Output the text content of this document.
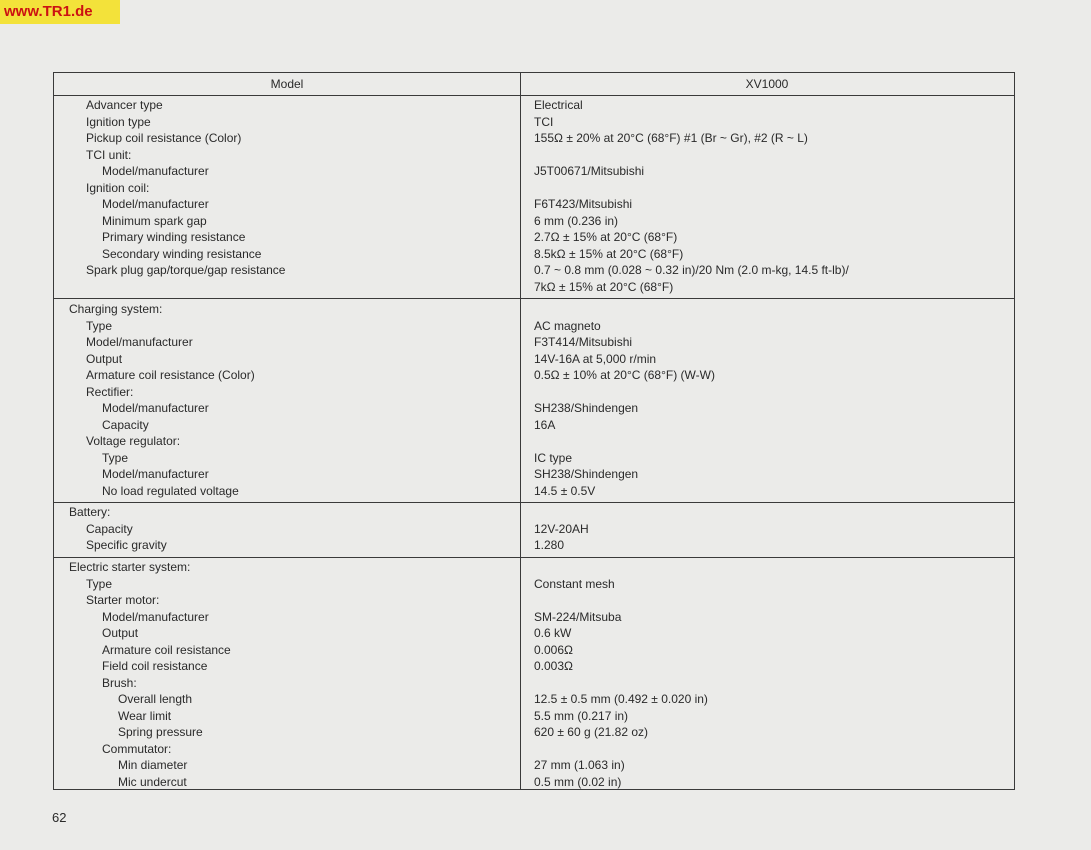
www.TR1.de
Model	XV1000
Advancer type	Electrical
Ignition type	TCI
Pickup coil resistance (Color)	155Ω ± 20% at 20°C (68°F) #1 (Br ~ Gr), #2 (R ~ L)
TCI unit:
Model/manufacturer	J5T00671/Mitsubishi
Ignition coil:
Model/manufacturer	F6T423/Mitsubishi
Minimum spark gap	6 mm (0.236 in)
Primary winding resistance	2.7Ω ± 15% at 20°C (68°F)
Secondary winding resistance	8.5kΩ ± 15% at 20°C (68°F)
Spark plug gap/torque/gap resistance	0.7 ~ 0.8 mm (0.028 ~ 0.32 in)/20 Nm (2.0 m-kg, 14.5 ft-lb)/
7kΩ ± 15% at 20°C (68°F)
Charging system:
Type	AC magneto
Model/manufacturer	F3T414/Mitsubishi
Output	14V-16A at 5,000 r/min
Armature coil resistance (Color)	0.5Ω ± 10% at 20°C (68°F) (W-W)
Rectifier:
Model/manufacturer	SH238/Shindengen
Capacity	16A
Voltage regulator:
Type	IC type
Model/manufacturer	SH238/Shindengen
No load regulated voltage	14.5 ± 0.5V
Battery:
Capacity	12V-20AH
Specific gravity	1.280
Electric starter system:
Type	Constant mesh
Starter motor:
Model/manufacturer	SM-224/Mitsuba
Output	0.6 kW
Armature coil resistance	0.006Ω
Field coil resistance	0.003Ω
Brush:
Overall length	12.5 ± 0.5 mm (0.492 ± 0.020 in)
Wear limit	5.5 mm (0.217 in)
Spring pressure	620 ± 60 g (21.82 oz)
Commutator:
Min diameter	27 mm (1.063 in)
Mic undercut	0.5 mm (0.02 in)
62
